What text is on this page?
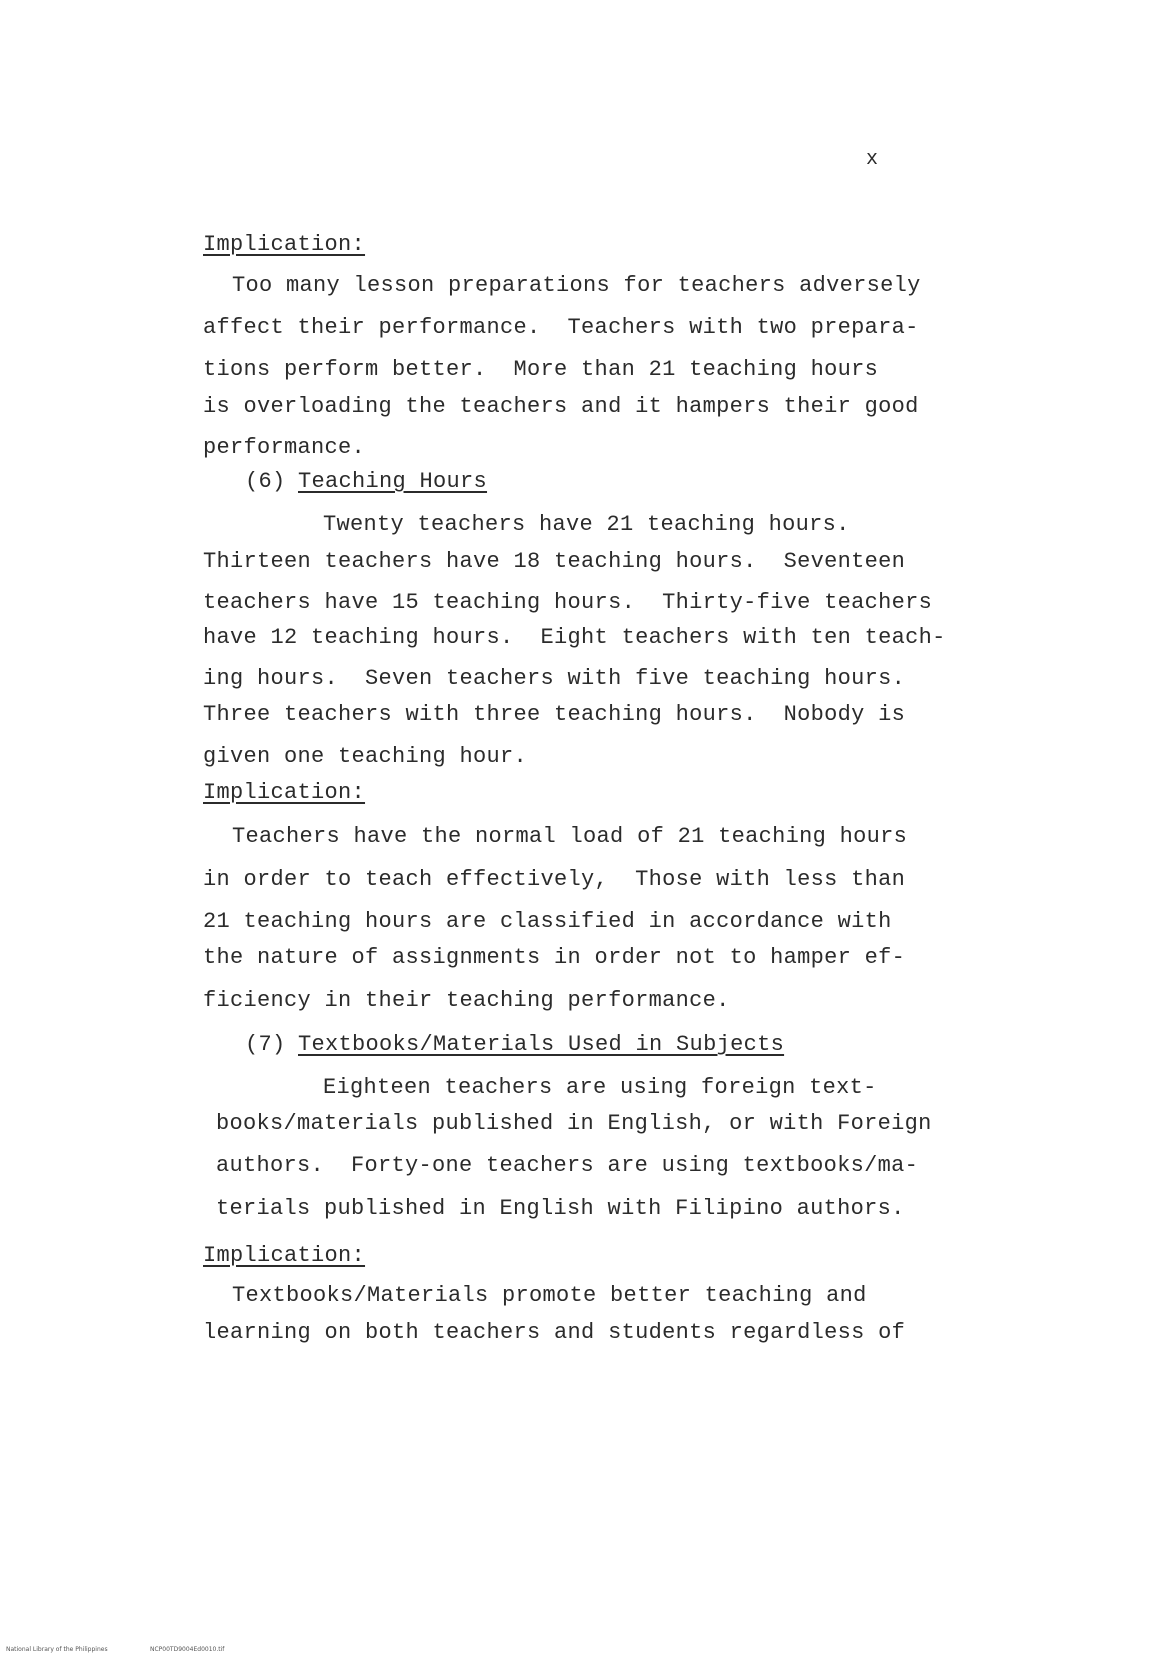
x
Implication:
Too many lesson preparations for teachers adversely
affect their performance.  Teachers with two prepara-
tions perform better.  More than 21 teaching hours
is overloading the teachers and it hampers their good
performance.
(6) Teaching Hours
Twenty teachers have 21 teaching hours.
Thirteen teachers have 18 teaching hours.  Seventeen
teachers have 15 teaching hours.  Thirty-five teachers
have 12 teaching hours.  Eight teachers with ten teach-
ing hours.  Seven teachers with five teaching hours.
Three teachers with three teaching hours.  Nobody is
given one teaching hour.
Implication:
Teachers have the normal load of 21 teaching hours
in order to teach effectively,  Those with less than
21 teaching hours are classified in accordance with
the nature of assignments in order not to hamper ef-
ficiency in their teaching performance.
(7) Textbooks/Materials Used in Subjects
Eighteen teachers are using foreign text-
books/materials published in English, or with Foreign
authors.  Forty-one teachers are using textbooks/ma-
terials published in English with Filipino authors.
Implication:
Textbooks/Materials promote better teaching and
learning on both teachers and students regardless of
National Library of the Philippines	NCP00TD9004Ed0010.tif
